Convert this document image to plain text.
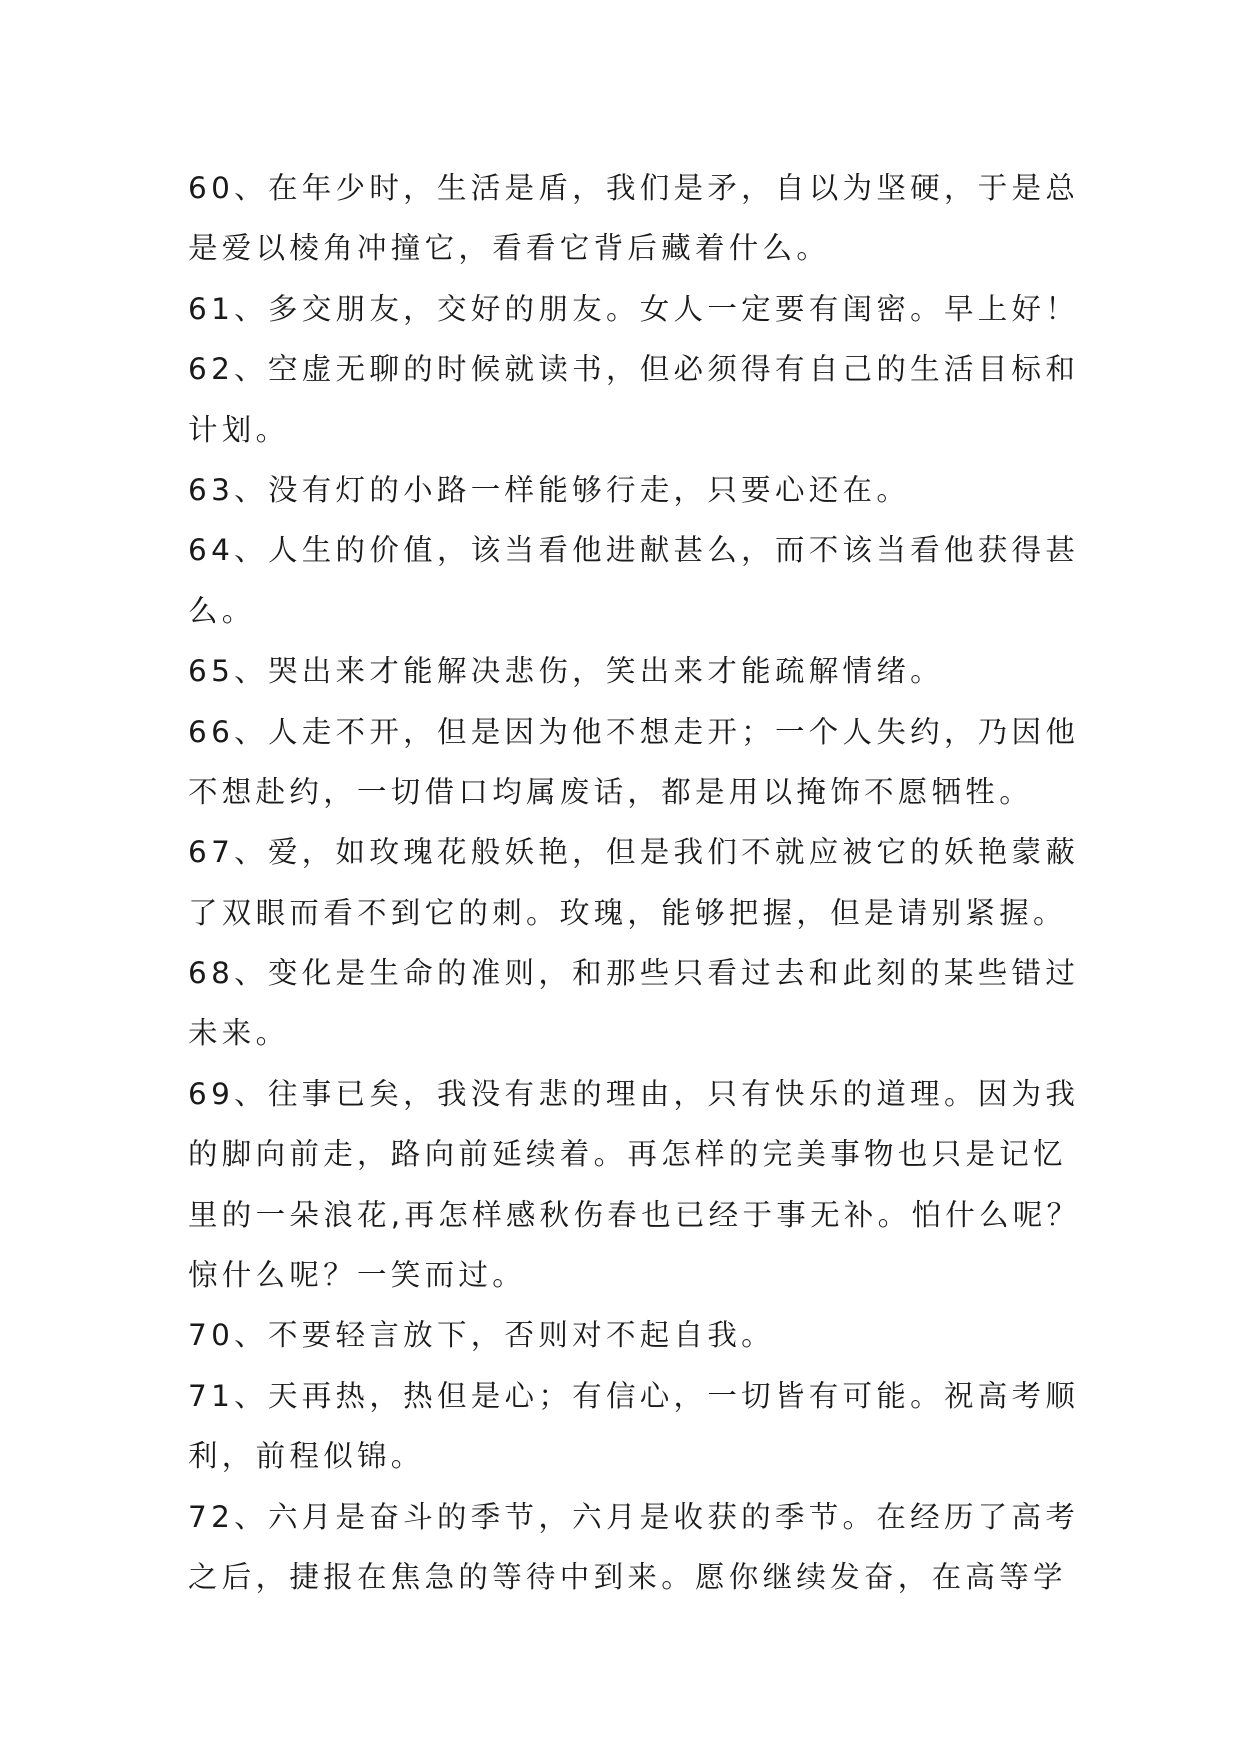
60、在年少时，生活是盾，我们是矛，自以为坚硬，于是总
是爱以棱角冲撞它，看看它背后藏着什么。
61、多交朋友，交好的朋友。女人一定要有闺密。早上好！
62、空虚无聊的时候就读书，但必须得有自己的生活目标和
计划。
63、没有灯的小路一样能够行走，只要心还在。
64、人生的价值，该当看他进献甚么，而不该当看他获得甚
么。
65、哭出来才能解决悲伤，笑出来才能疏解情绪。
66、人走不开，但是因为他不想走开；一个人失约，乃因他
不想赴约，一切借口均属废话，都是用以掩饰不愿牺牲。
67、爱，如玫瑰花般妖艳，但是我们不就应被它的妖艳蒙蔽
了双眼而看不到它的刺。玫瑰，能够把握，但是请别紧握。
68、变化是生命的准则，和那些只看过去和此刻的某些错过
未来。
69、往事已矣，我没有悲的理由，只有快乐的道理。因为我
的脚向前走，路向前延续着。再怎样的完美事物也只是记忆
里的一朵浪花,再怎样感秋伤春也已经于事无补。怕什么呢？
惊什么呢？一笑而过。
70、不要轻言放下，否则对不起自我。
71、天再热，热但是心；有信心，一切皆有可能。祝高考顺
利，前程似锦。
72、六月是奋斗的季节，六月是收获的季节。在经历了高考
之后，捷报在焦急的等待中到来。愿你继续发奋，在高等学
